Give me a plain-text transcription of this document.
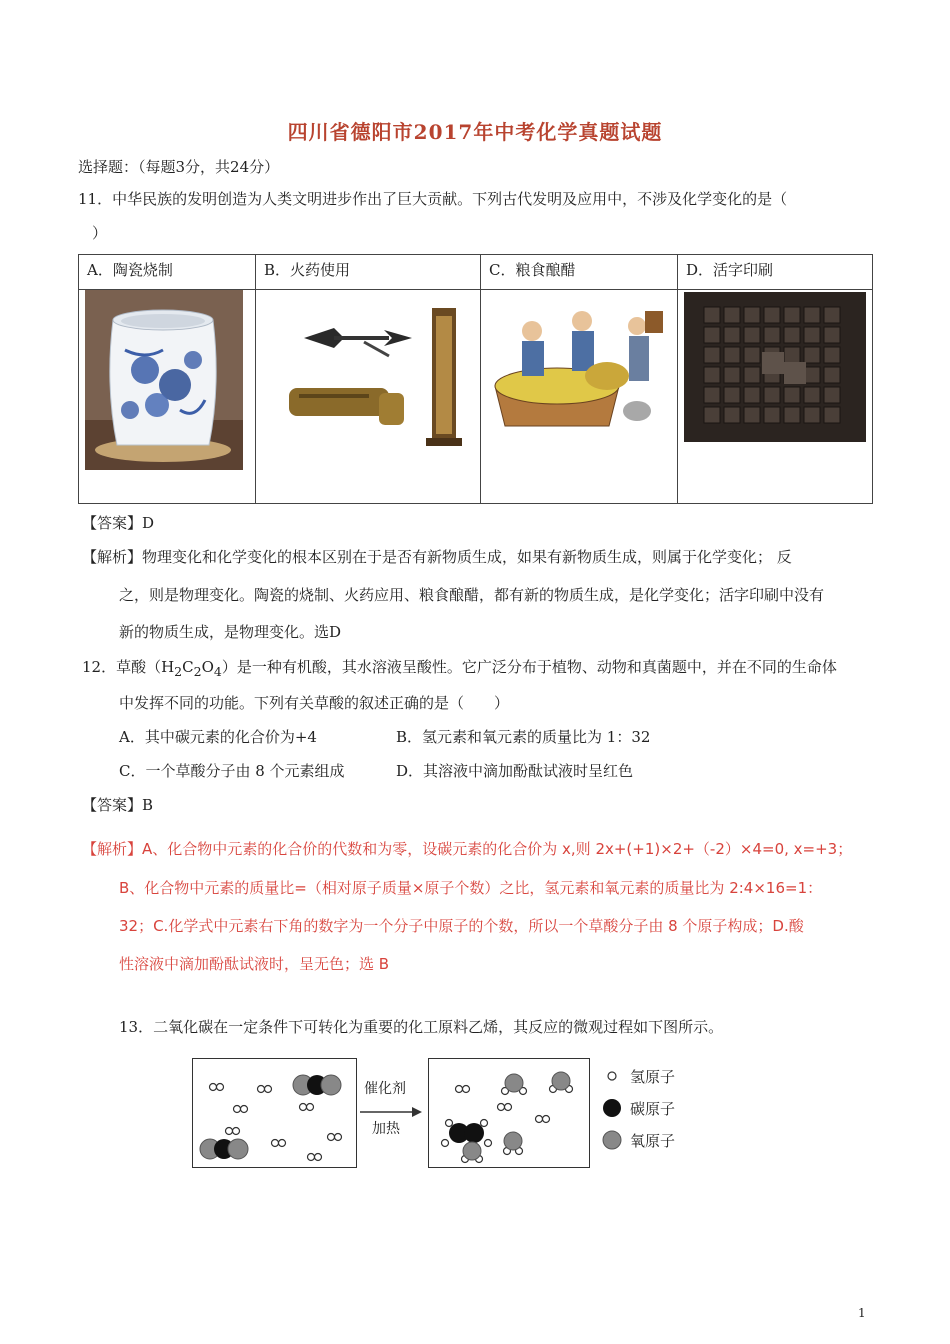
四川省德阳市2017年中考化学真题试题
选择题：（每题3分，共24分）
11．中华民族的发明创造为人类文明进步作出了巨大贡献。下列古代发明及应用中，不涉及化学变化的是（
）
A．陶瓷烧制	B．火药使用	C．粮食酿醋	D．活字印刷

【答案】D
【解析】物理变化和化学变化的根本区别在于是否有新物质生成，如果有新物质生成，则属于化学变化； 反
之，则是物理变化。陶瓷的烧制、火药应用、粮食酿醋，都有新的物质生成，是化学变化；活字印刷中没有
新的物质生成，是物理变化。选D
12．草酸$(H_2C_2O_4)$是一种有机酸，其水溶液呈酸性。它广泛分布于植物、动物和真菌题中，并在不同的生命体
中发挥不同的功能。下列有关草酸的叙述正确的是（　　）
A．其中碳元素的化合价为+4	B．氢元素和氧元素的质量比为 1：32
C．一个草酸分子由 8 个元素组成	D．其溶液中滴加酚酞试液时呈红色
【答案】B
【解析】A、化合物中元素的化合价的代数和为零，设碳元素的化合价为 x,则 2x+(+1)×2+（-2）×4=0, x=+3；
B、化合物中元素的质量比=（相对原子质量×原子个数）之比，氢元素和氧元素的质量比为 2:4×16=1：
32；C.化学式中元素右下角的数字为一个分子中原子的个数，所以一个草酸分子由 8 个原子构成；D.酸
性溶液中滴加酚酞试液时，呈无色；选 B
13．二氧化碳在一定条件下可转化为重要的化工原料乙烯，其反应的微观过程如下图所示。
催化剂
加热
氢原子
碳原子
氧原子
1
